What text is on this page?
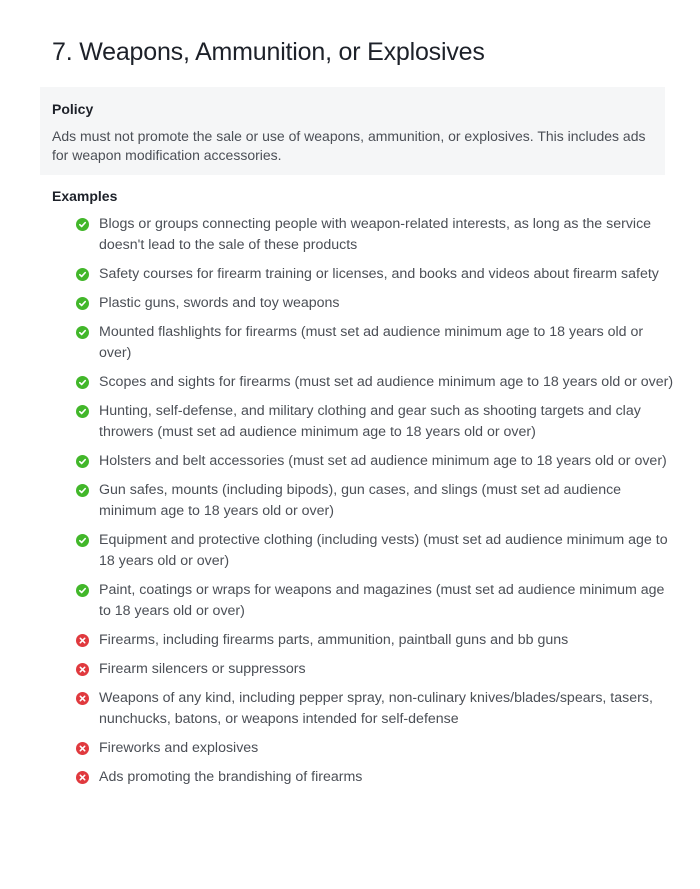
7. Weapons, Ammunition, or Explosives
Policy

Ads must not promote the sale or use of weapons, ammunition, or explosives. This includes ads for weapon modification accessories.

Examples
Blogs or groups connecting people with weapon-related interests, as long as the service doesn't lead to the sale of these products
Safety courses for firearm training or licenses, and books and videos about firearm safety
Plastic guns, swords and toy weapons
Mounted flashlights for firearms (must set ad audience minimum age to 18 years old or over)
Scopes and sights for firearms (must set ad audience minimum age to 18 years old or over)
Hunting, self-defense, and military clothing and gear such as shooting targets and clay throwers (must set ad audience minimum age to 18 years old or over)
Holsters and belt accessories (must set ad audience minimum age to 18 years old or over)
Gun safes, mounts (including bipods), gun cases, and slings (must set ad audience minimum age to 18 years old or over)
Equipment and protective clothing (including vests) (must set ad audience minimum age to 18 years old or over)
Paint, coatings or wraps for weapons and magazines (must set ad audience minimum age to 18 years old or over)
Firearms, including firearms parts, ammunition, paintball guns and bb guns
Firearm silencers or suppressors
Weapons of any kind, including pepper spray, non-culinary knives/blades/spears, tasers, nunchucks, batons, or weapons intended for self-defense
Fireworks and explosives
Ads promoting the brandishing of firearms
